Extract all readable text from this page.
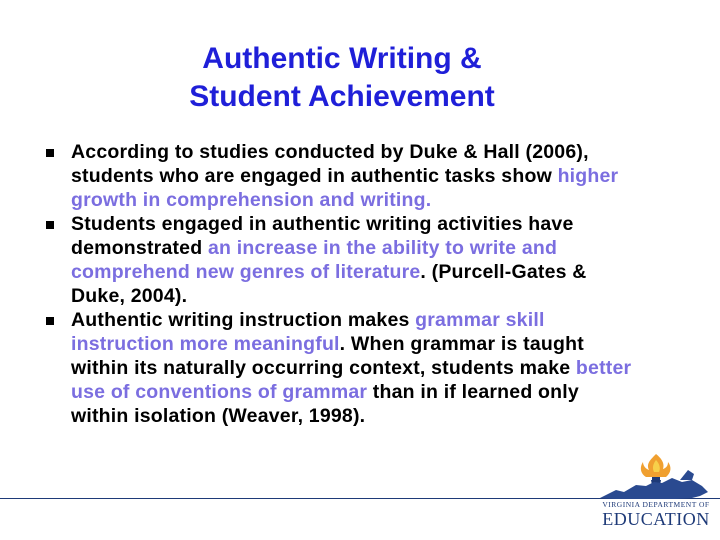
Authentic Writing &
Student Achievement
According to studies conducted by Duke & Hall (2006), students who are engaged in authentic tasks show higher growth in comprehension and writing.
Students engaged in authentic writing activities have demonstrated an increase in the ability to write and comprehend new genres of literature. (Purcell-Gates & Duke, 2004).
Authentic writing instruction makes grammar skill instruction more meaningful. When grammar is taught within its naturally occurring context, students make better use of conventions of grammar than in if learned only within isolation (Weaver, 1998).
VIRGINIA DEPARTMENT OF
EDUCATION
